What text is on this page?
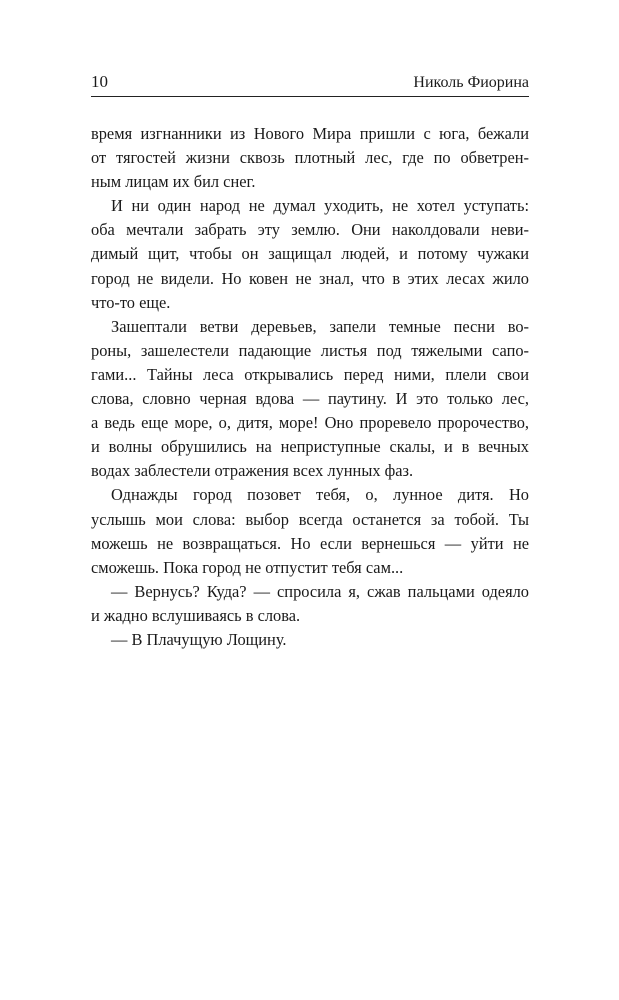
10	Николь Фиорина
время изгнанники из Нового Мира пришли с юга, бежали
от тягостей жизни сквозь плотный лес, где по обветрен-
ным лицам их бил снег.
И ни один народ не думал уходить, не хотел уступать:
оба мечтали забрать эту землю. Они наколдовали неви-
димый щит, чтобы он защищал людей, и потому чужаки
город не видели. Но ковен не знал, что в этих лесах жило
что-то еще.
Зашептали ветви деревьев, запели темные песни во-
роны, зашелестели падающие листья под тяжелыми сапо-
гами... Тайны леса открывались перед ними, плели свои
слова, словно черная вдова — паутину. И это только лес,
а ведь еще море, о, дитя, море! Оно проревело пророчество,
и волны обрушились на неприступные скалы, и в вечных
водах заблестели отражения всех лунных фаз.
Однажды город позовет тебя, о, лунное дитя. Но
услышь мои слова: выбор всегда останется за тобой. Ты
можешь не возвращаться. Но если вернешься — уйти не
сможешь. Пока город не отпустит тебя сам...
— Вернусь? Куда? — спросила я, сжав пальцами одеяло
и жадно вслушиваясь в слова.
— В Плачущую Лощину.
